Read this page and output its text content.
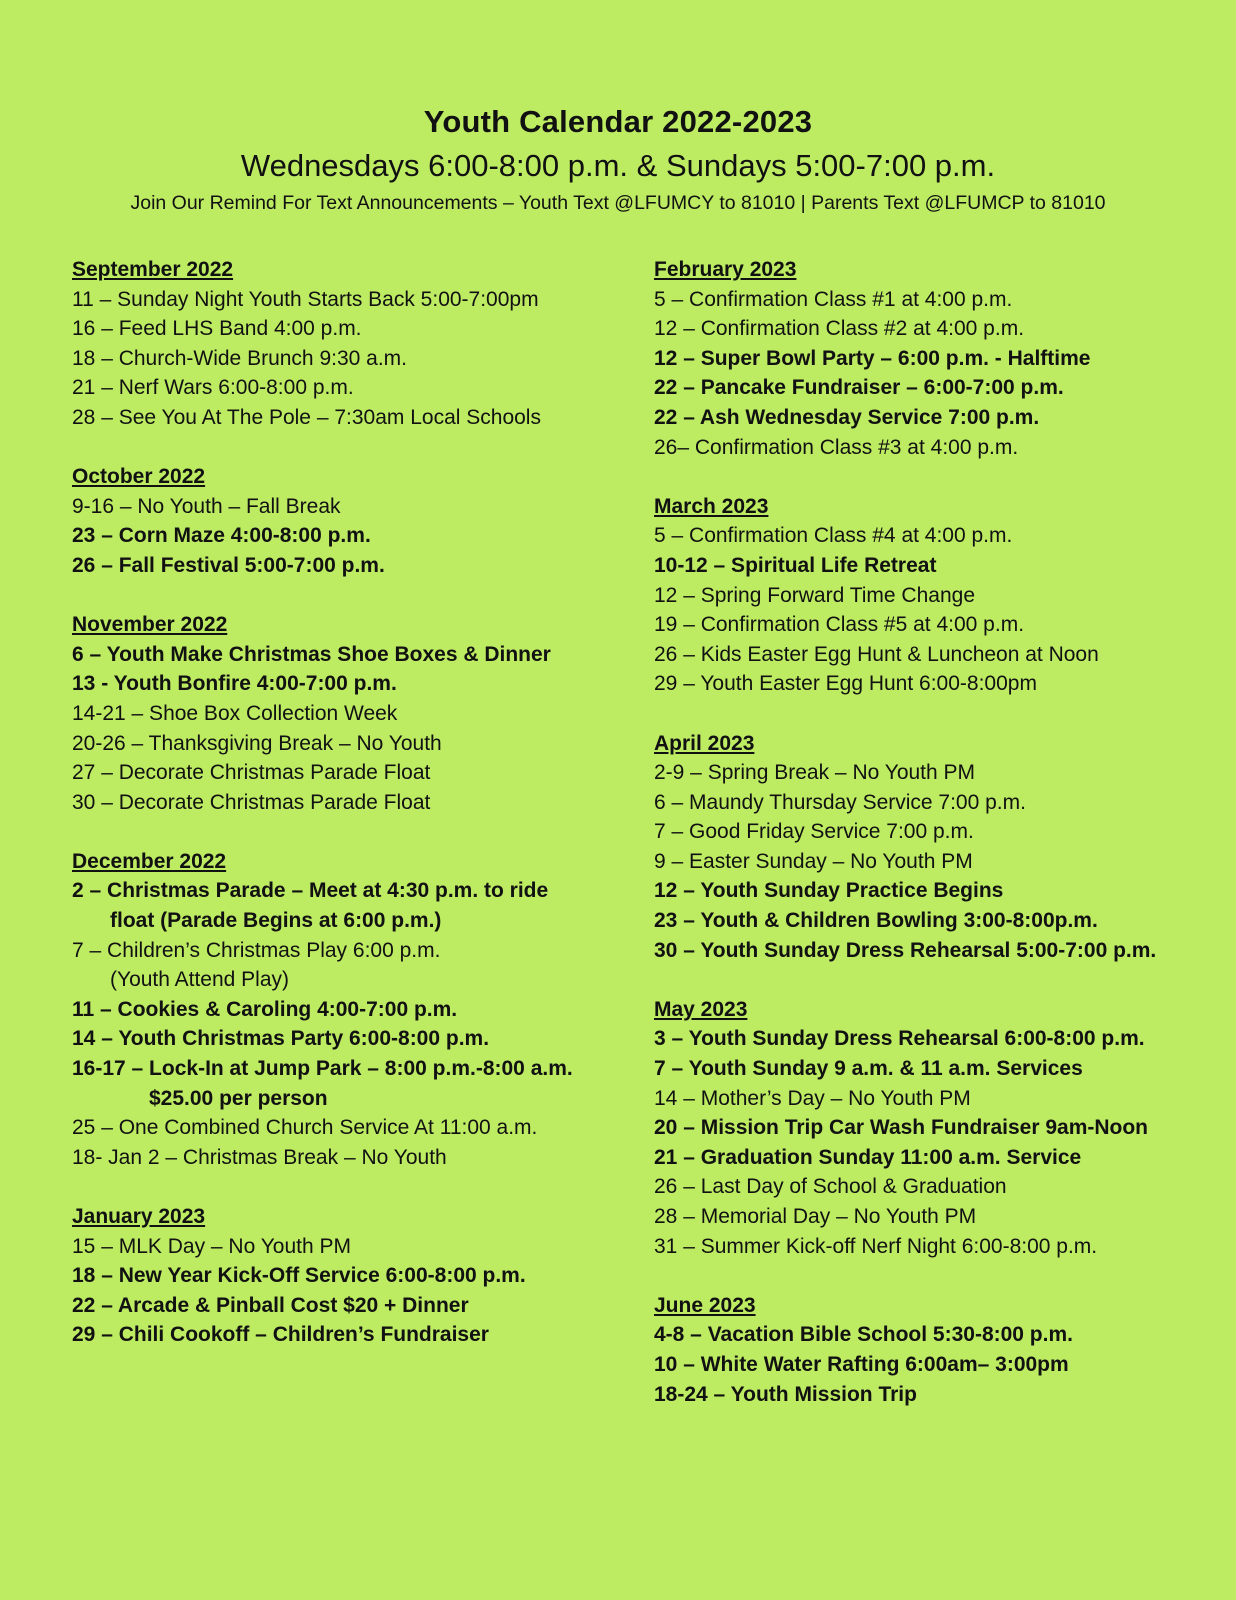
Youth Calendar 2022-2023
Wednesdays 6:00-8:00 p.m. & Sundays 5:00-7:00 p.m.
Join Our Remind For Text Announcements – Youth Text @LFUMCY to 81010 | Parents Text @LFUMCP to 81010
September 2022
11 – Sunday Night Youth Starts Back 5:00-7:00pm
16 – Feed LHS Band 4:00 p.m.
18 – Church-Wide Brunch 9:30 a.m.
21 – Nerf Wars 6:00-8:00 p.m.
28 – See You At The Pole – 7:30am Local Schools
October 2022
9-16 – No Youth – Fall Break
23 – Corn Maze 4:00-8:00 p.m.
26 – Fall Festival 5:00-7:00 p.m.
November 2022
6 – Youth Make Christmas Shoe Boxes & Dinner
13 - Youth Bonfire 4:00-7:00 p.m.
14-21 – Shoe Box Collection Week
20-26 – Thanksgiving Break – No Youth
27 – Decorate Christmas Parade Float
30 – Decorate Christmas Parade Float
December 2022
2 – Christmas Parade – Meet at 4:30 p.m. to ride
float (Parade Begins at 6:00 p.m.)
7 – Children’s Christmas Play 6:00 p.m.
(Youth Attend Play)
11 – Cookies & Caroling 4:00-7:00 p.m.
14 – Youth Christmas Party 6:00-8:00 p.m.
16-17 – Lock-In at Jump Park – 8:00 p.m.-8:00 a.m.
$25.00 per person
25 – One Combined Church Service At 11:00 a.m.
18- Jan 2 – Christmas Break – No Youth
January 2023
15 – MLK Day – No Youth PM
18 – New Year Kick-Off Service 6:00-8:00 p.m.
22 – Arcade & Pinball Cost $20 + Dinner
29 – Chili Cookoff – Children’s Fundraiser
February 2023
5 – Confirmation Class #1 at 4:00 p.m.
12 – Confirmation Class #2 at 4:00 p.m.
12 – Super Bowl Party – 6:00 p.m. - Halftime
22 – Pancake Fundraiser – 6:00-7:00 p.m.
22 – Ash Wednesday Service 7:00 p.m.
26– Confirmation Class #3 at 4:00 p.m.
March 2023
5 – Confirmation Class #4 at 4:00 p.m.
10-12 – Spiritual Life Retreat
12 – Spring Forward Time Change
19 – Confirmation Class #5 at 4:00 p.m.
26 – Kids Easter Egg Hunt & Luncheon at Noon
29 – Youth Easter Egg Hunt 6:00-8:00pm
April 2023
2-9 – Spring Break – No Youth PM
6 – Maundy Thursday Service 7:00 p.m.
7 – Good Friday Service 7:00 p.m.
9 – Easter Sunday – No Youth PM
12 – Youth Sunday Practice Begins
23 – Youth & Children Bowling 3:00-8:00p.m.
30 – Youth Sunday Dress Rehearsal 5:00-7:00 p.m.
May 2023
3 – Youth Sunday Dress Rehearsal 6:00-8:00 p.m.
7 – Youth Sunday 9 a.m. & 11 a.m. Services
14 – Mother’s Day – No Youth PM
20 – Mission Trip Car Wash Fundraiser 9am-Noon
21 – Graduation Sunday 11:00 a.m. Service
26 – Last Day of School & Graduation
28 – Memorial Day – No Youth PM
31 – Summer Kick-off Nerf Night 6:00-8:00 p.m.
June 2023
4-8 – Vacation Bible School 5:30-8:00 p.m.
10 – White Water Rafting 6:00am– 3:00pm
18-24 – Youth Mission Trip
